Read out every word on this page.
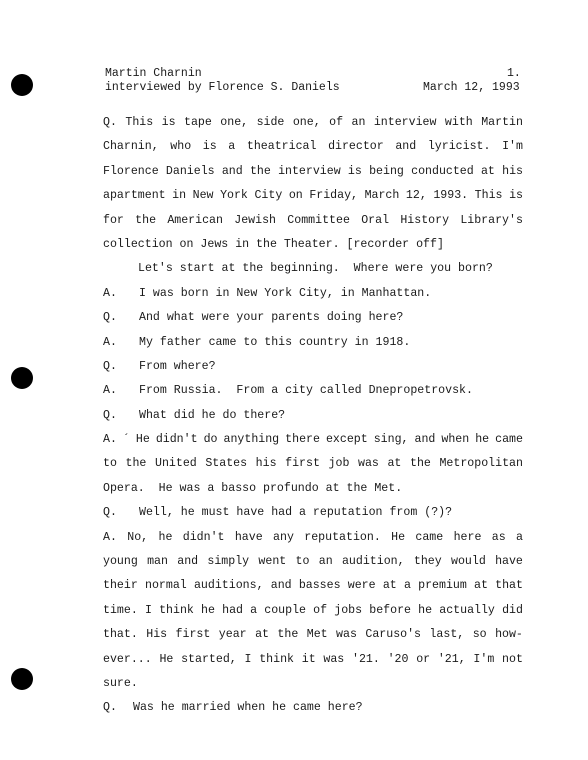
Martin Charnin	1.
interviewed by Florence S. Daniels	March 12, 1993
Q. This is tape one, side one, of an interview with Martin
Charnin, who is a theatrical director and lyricist. I'm
Florence Daniels and the interview is being conducted at his
apartment in New York City on Friday, March 12, 1993. This is
for the American Jewish Committee Oral History Library's
collection on Jews in the Theater. [recorder off]
Let's start at the beginning.  Where were you born?
A. I was born in New York City, in Manhattan.
Q. And what were your parents doing here?
A. My father came to this country in 1918.
Q. From where?
A. From Russia.  From a city called Dnepropetrovsk.
Q. What did he do there?
A. ´ He didn't do anything there except sing, and when he came
to the United States his first job was at the Metropolitan
Opera.  He was a basso profundo at the Met.
Q. Well, he must have had a reputation from (?)?
A. No, he didn't have any reputation. He came here as a
young man and simply went to an audition, they would have
their normal auditions, and basses were at a premium at that
time. I think he had a couple of jobs before he actually did
that. His first year at the Met was Caruso's last, so how-
ever... He started, I think it was '21. '20 or '21, I'm not
sure.
Q. Was he married when he came here?
